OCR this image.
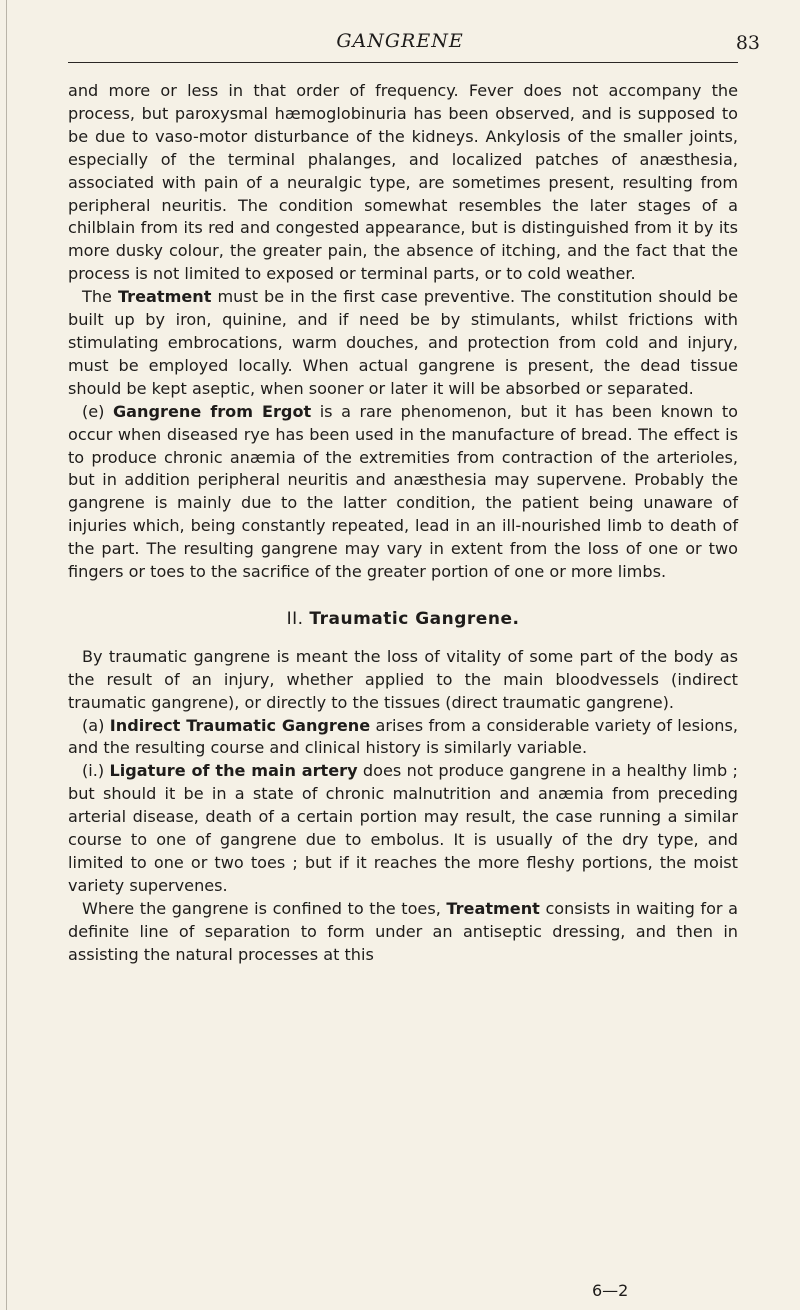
GANGRENE	83

and more or less in that order of frequency. Fever does not accompany the process, but paroxysmal hæmoglobinuria has been observed, and is supposed to be due to vaso-motor disturbance of the kidneys. Ankylosis of the smaller joints, especially of the terminal phalanges, and localized patches of anæsthesia, associated with pain of a neuralgic type, are sometimes present, resulting from peripheral neuritis. The condition somewhat resembles the later stages of a chilblain from its red and congested appearance, but is distinguished from it by its more dusky colour, the greater pain, the absence of itching, and the fact that the process is not limited to exposed or terminal parts, or to cold weather.

The Treatment must be in the first case preventive. The constitution should be built up by iron, quinine, and if need be by stimulants, whilst frictions with stimulating embrocations, warm douches, and protection from cold and injury, must be employed locally. When actual gangrene is present, the dead tissue should be kept aseptic, when sooner or later it will be absorbed or separated.

(e) Gangrene from Ergot is a rare phenomenon, but it has been known to occur when diseased rye has been used in the manufacture of bread. The effect is to produce chronic anæmia of the extremities from contraction of the arterioles, but in addition peripheral neuritis and anæsthesia may supervene. Probably the gangrene is mainly due to the latter condition, the patient being unaware of injuries which, being constantly repeated, lead in an ill-nourished limb to death of the part. The resulting gangrene may vary in extent from the loss of one or two fingers or toes to the sacrifice of the greater portion of one or more limbs.

II. Traumatic Gangrene.

By traumatic gangrene is meant the loss of vitality of some part of the body as the result of an injury, whether applied to the main bloodvessels (indirect traumatic gangrene), or directly to the tissues (direct traumatic gangrene).

(a) Indirect Traumatic Gangrene arises from a considerable variety of lesions, and the resulting course and clinical history is similarly variable.

(i.) Ligature of the main artery does not produce gangrene in a healthy limb ; but should it be in a state of chronic malnutrition and anæmia from preceding arterial disease, death of a certain portion may result, the case running a similar course to one of gangrene due to embolus. It is usually of the dry type, and limited to one or two toes ; but if it reaches the more fleshy portions, the moist variety supervenes.

Where the gangrene is confined to the toes, Treatment consists in waiting for a definite line of separation to form under an antiseptic dressing, and then in assisting the natural processes at this

6—2
